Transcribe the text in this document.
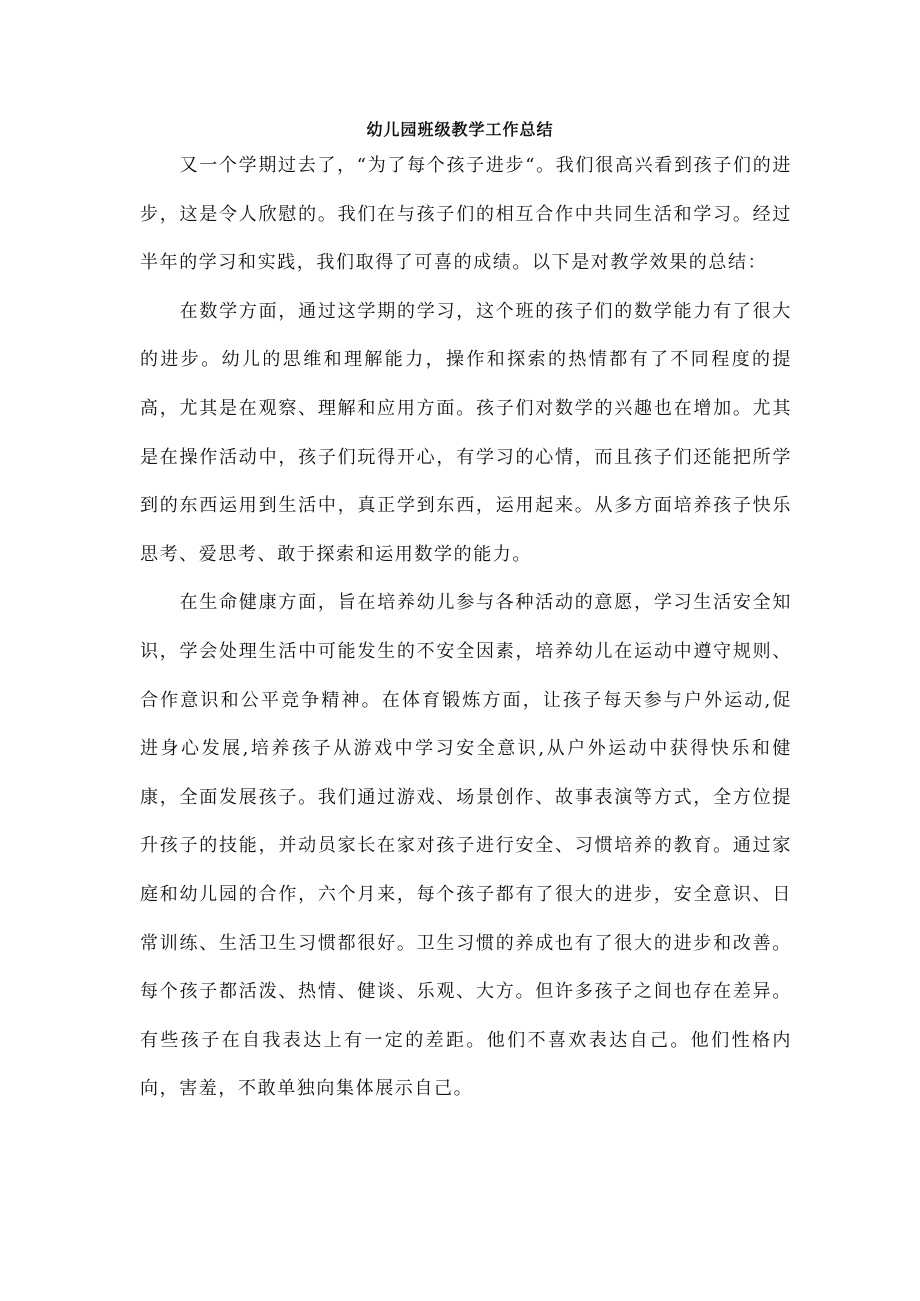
幼儿园班级教学工作总结

又一个学期过去了，“为了每个孩子进步“。我们很高兴看到孩子们的进步，这是令人欣慰的。我们在与孩子们的相互合作中共同生活和学习。经过半年的学习和实践，我们取得了可喜的成绩。以下是对教学效果的总结：

在数学方面，通过这学期的学习，这个班的孩子们的数学能力有了很大的进步。幼儿的思维和理解能力，操作和探索的热情都有了不同程度的提高，尤其是在观察、理解和应用方面。孩子们对数学的兴趣也在增加。尤其是在操作活动中，孩子们玩得开心，有学习的心情，而且孩子们还能把所学到的东西运用到生活中，真正学到东西，运用起来。从多方面培养孩子快乐思考、爱思考、敢于探索和运用数学的能力。

在生命健康方面，旨在培养幼儿参与各种活动的意愿，学习生活安全知识，学会处理生活中可能发生的不安全因素，培养幼儿在运动中遵守规则、合作意识和公平竞争精神。在体育锻炼方面，让孩子每天参与户外运动,促进身心发展,培养孩子从游戏中学习安全意识,从户外运动中获得快乐和健康，全面发展孩子。我们通过游戏、场景创作、故事表演等方式，全方位提升孩子的技能，并动员家长在家对孩子进行安全、习惯培养的教育。通过家庭和幼儿园的合作，六个月来，每个孩子都有了很大的进步，安全意识、日常训练、生活卫生习惯都很好。卫生习惯的养成也有了很大的进步和改善。每个孩子都活泼、热情、健谈、乐观、大方。但许多孩子之间也存在差异。有些孩子在自我表达上有一定的差距。他们不喜欢表达自己。他们性格内向，害羞，不敢单独向集体展示自己。
